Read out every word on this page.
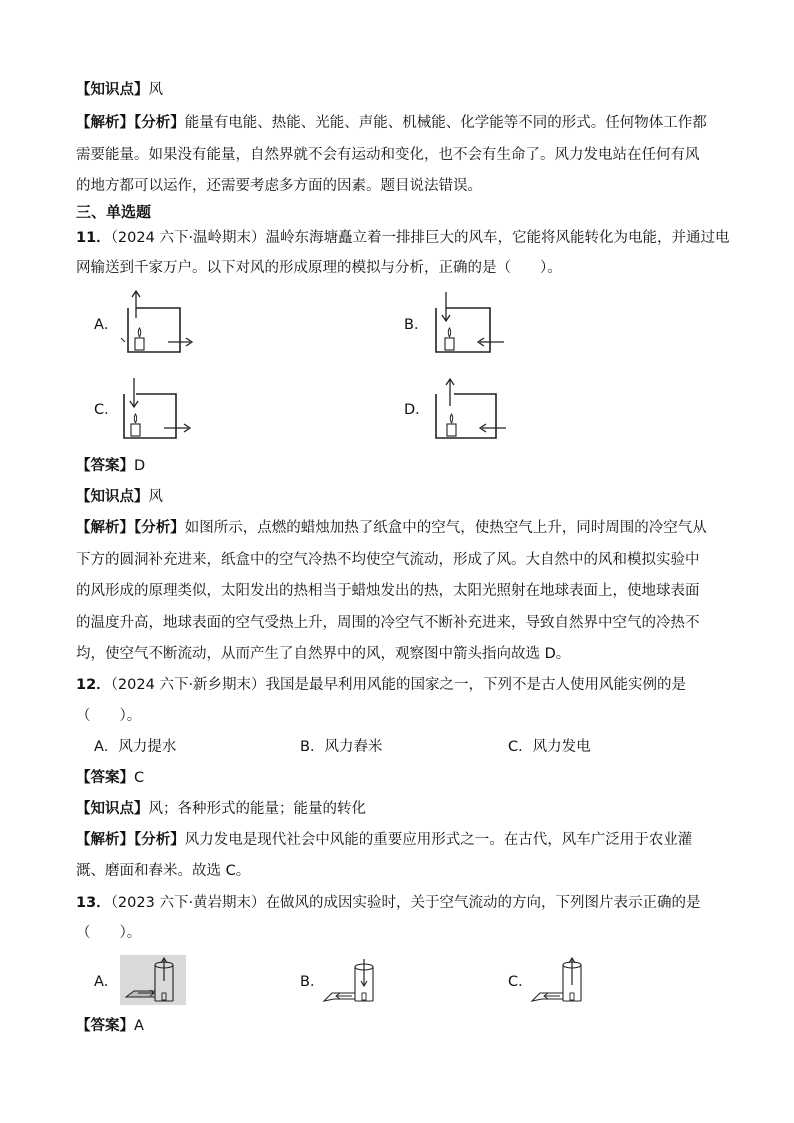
【知识点】风
【解析】【分析】能量有电能、热能、光能、声能、机械能、化学能等不同的形式。任何物体工作都
需要能量。如果没有能量，自然界就不会有运动和变化，也不会有生命了。风力发电站在任何有风
的地方都可以运作，还需要考虑多方面的因素。题目说法错误。
三、单选题
11．（2024 六下·温岭期末）温岭东海塘矗立着一排排巨大的风车，它能将风能转化为电能，并通过电
网输送到千家万户。以下对风的形成原理的模拟与分析，正确的是（　　）。
A．	B．
C．	D．
【答案】D
【知识点】风
【解析】【分析】如图所示，点燃的蜡烛加热了纸盒中的空气，使热空气上升，同时周围的冷空气从
下方的圆洞补充进来，纸盒中的空气冷热不均使空气流动，形成了风。大自然中的风和模拟实验中
的风形成的原理类似，太阳发出的热相当于蜡烛发出的热，太阳光照射在地球表面上，使地球表面
的温度升高，地球表面的空气受热上升，周围的冷空气不断补充进来，导致自然界中空气的冷热不
均，使空气不断流动，从而产生了自然界中的风，观察图中箭头指向故选 D。
12．（2024 六下·新乡期末）我国是最早利用风能的国家之一，下列不是古人使用风能实例的是
（　　）。
A．风力提水	B．风力舂米	C．风力发电
【答案】C
【知识点】风；各种形式的能量；能量的转化
【解析】【分析】风力发电是现代社会中风能的重要应用形式之一。在古代，风车广泛用于农业灌
溉、磨面和舂米。故选 C。
13．（2023 六下·黄岩期末）在做风的成因实验时，关于空气流动的方向，下列图片表示正确的是
（　　）。
A．	B．	C．
【答案】A
